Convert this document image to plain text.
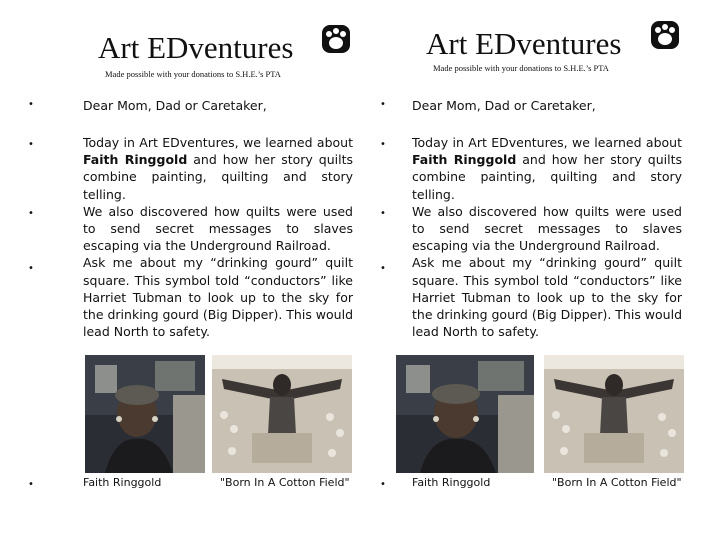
Art EDventures
Made possible with your donations to S.H.E.’s PTA
•	Dear Mom, Dad or Caretaker,
•
•
•

Today in Art EDventures, we learned about Faith Ringgold and how her story quilts combine painting, quilting and story telling.

We also discovered how quilts were used to send secret messages to slaves escaping via the Underground Railroad.

Ask me about my “drinking gourd” quilt square. This symbol told “conductors” like Harriet Tubman to look up to the sky for the drinking gourd (Big Dipper). This would lead North to safety.

•	Faith Ringgold	"Born In A Cotton Field"
Art EDventures
Made possible with your donations to S.H.E.’s PTA
• Dear Mom, Dad or Caretaker,
•
•
•

Today in Art EDventures, we learned about Faith Ringgold and how her story quilts combine painting, quilting and story telling.

We also discovered how quilts were used to send secret messages to slaves escaping via the Underground Railroad.

Ask me about my “drinking gourd” quilt square. This symbol told “conductors” like Harriet Tubman to look up to the sky for the drinking gourd (Big Dipper). This would lead North to safety.

• Faith Ringgold	"Born In A Cotton Field"
